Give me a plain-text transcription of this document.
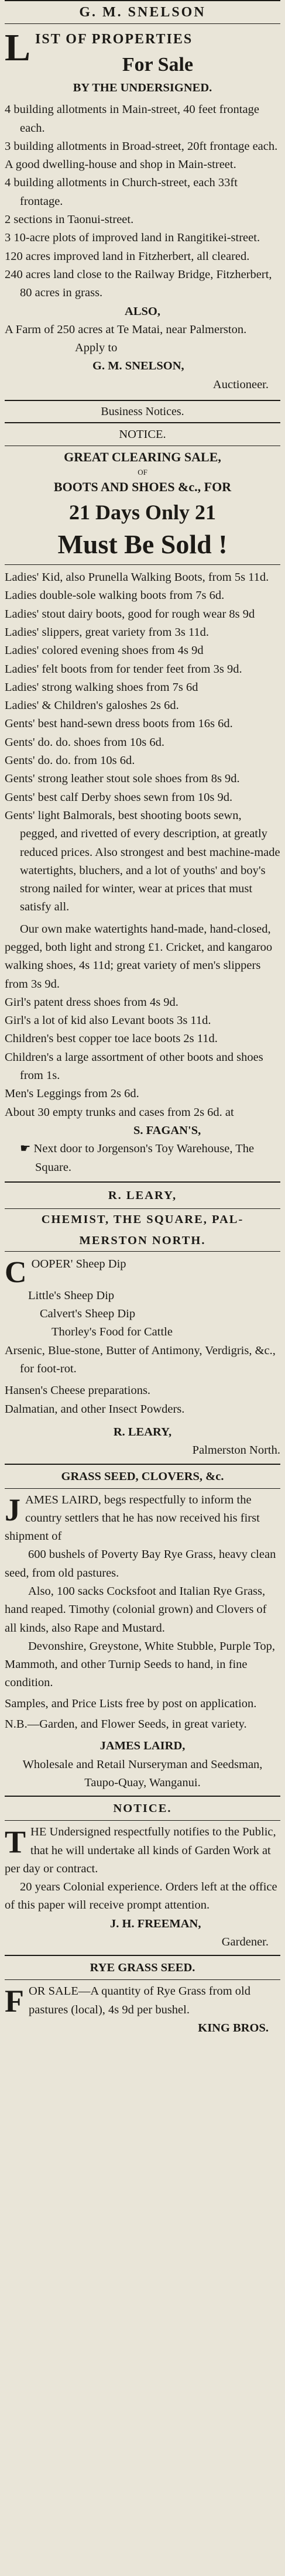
G. M. SNELSON

L IST OF PROPERTIES

For Sale

BY THE UNDERSIGNED.

4 building allotments in Main-street, 40 feet frontage each.

3 building allotments in Broad-street, 20ft frontage each.

A good dwelling-house and shop in Main-street.

4 building allotments in Church-street, each 33ft frontage.

2 sections in Taonui-street.

3 10-acre plots of improved land in Rangitikei-street.

120 acres improved land in Fitzherbert, all cleared.

240 acres land close to the Railway Bridge, Fitzherbert, 80 acres in grass.

ALSO,

A Farm of 250 acres at Te Matai, near Palmerston.

Apply to

G. M. SNELSON,

Auctioneer.

Business Notices.

NOTICE.

GREAT CLEARING SALE,

OF

BOOTS AND SHOES &c., FOR

21 Days Only 21

Must Be Sold !

Ladies' Kid, also Prunella Walking Boots, from 5s 11d.

Ladies double-sole walking boots from 7s 6d.

Ladies' stout dairy boots, good for rough wear 8s 9d

Ladies' slippers, great variety from 3s 11d.

Ladies' colored evening shoes from 4s 9d

Ladies' felt boots from for tender feet from 3s 9d.

Ladies' strong walking shoes from 7s 6d

Ladies' & Children's galoshes 2s 6d.

Gents' best hand-sewn dress boots from 16s 6d.

Gents' do. do. shoes from 10s 6d.

Gents' do. do. from 10s 6d.

Gents' strong leather stout sole shoes from 8s 9d.

Gents' best calf Derby shoes sewn from 10s 9d.

Gents' light Balmorals, best shooting boots sewn, pegged, and rivetted of every description, at greatly reduced prices. Also strongest and best machine-made watertights, bluchers, and a lot of youths' and boy's strong nailed for winter, wear at prices that must satisfy all.

Our own make watertights hand-made, hand-closed, pegged, both light and strong £1. Cricket, and kangaroo walking shoes, 4s 11d; great variety of men's slippers from 3s 9d.

Girl's patent dress shoes from 4s 9d.

Girl's a lot of kid also Levant boots 3s 11d.

Children's best copper toe lace boots 2s 11d.

Children's a large assortment of other boots and shoes from 1s.

Men's Leggings from 2s 6d.

About 30 empty trunks and cases from 2s 6d. at

S. FAGAN'S,

☛ Next door to Jorgenson's Toy Warehouse, The Square.

R. LEARY,

CHEMIST, THE SQUARE, PAL-

MERSTON NORTH.

C OOPER' Sheep Dip

Little's Sheep Dip

Calvert's Sheep Dip

Thorley's Food for Cattle

Arsenic, Blue-stone, Butter of Antimony, Verdigris, &c., for foot-rot.

Hansen's Cheese preparations.

Dalmatian, and other Insect Powders.

R. LEARY,

Palmerston North.

GRASS SEED, CLOVERS, &c.

J AMES LAIRD, begs respectfully to inform the country settlers that he has now received his first shipment of

600 bushels of Poverty Bay Rye Grass, heavy clean seed, from old pastures.

Also, 100 sacks Cocksfoot and Italian Rye Grass, hand reaped. Timothy (colonial grown) and Clovers of all kinds, also Rape and Mustard.

Devonshire, Greystone, White Stubble, Purple Top, Mammoth, and other Turnip Seeds to hand, in fine condition.

Samples, and Price Lists free by post on application.

N.B.—Garden, and Flower Seeds, in great variety.

JAMES LAIRD,

Wholesale and Retail Nurseryman and Seedsman,

Taupo-Quay, Wanganui.

NOTICE.

T HE Undersigned respectfully notifies to the Public, that he will undertake all kinds of Garden Work at per day or contract.

20 years Colonial experience. Orders left at the office of this paper will receive prompt attention.

J. H. FREEMAN,

Gardener.

RYE GRASS SEED.

F OR SALE—A quantity of Rye Grass from old pastures (local), 4s 9d per bushel.

KING BROS.
